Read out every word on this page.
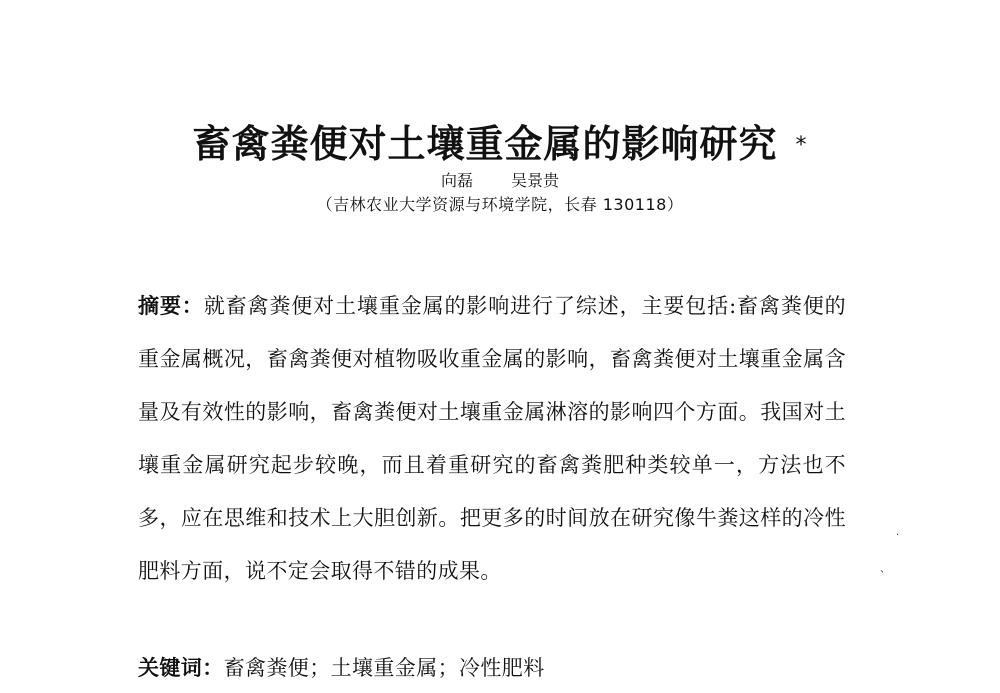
畜禽粪便对土壤重金属的影响研究 *
向磊 吴景贵
（吉林农业大学资源与环境学院，长春 130118）
摘要：就畜禽粪便对土壤重金属的影响进行了综述，主要包括:畜禽粪便的重金属概况，畜禽粪便对植物吸收重金属的影响，畜禽粪便对土壤重金属含量及有效性的影响，畜禽粪便对土壤重金属淋溶的影响四个方面。我国对土壤重金属研究起步较晚，而且着重研究的畜禽粪肥种类较单一，方法也不多，应在思维和技术上大胆创新。把更多的时间放在研究像牛粪这样的冷性肥料方面，说不定会取得不错的成果。
关键词：畜禽粪便；土壤重金属；冷性肥料
·
、
